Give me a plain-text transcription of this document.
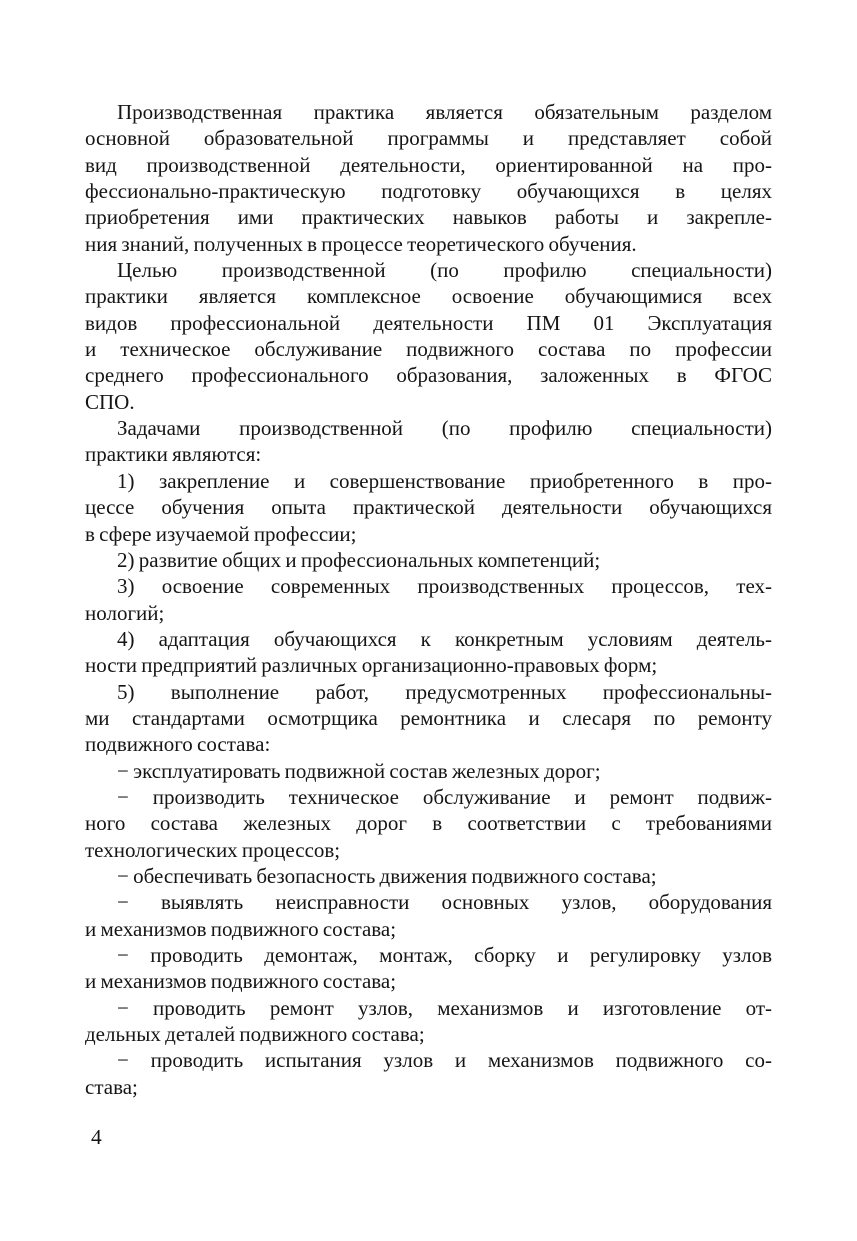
Производственная практика является обязательным разделом
основной образовательной программы и представляет собой
вид производственной деятельности, ориентированной на про-
фессионально-практическую подготовку обучающихся в целях
приобретения ими практических навыков работы и закрепле-
ния знаний, полученных в процессе теоретического обучения.
Целью производственной (по профилю специальности)
практики является комплексное освоение обучающимися всех
видов профессиональной деятельности ПМ 01 Эксплуатация
и техническое обслуживание подвижного состава по профессии
среднего профессионального образования, заложенных в ФГОС
СПО.
Задачами производственной (по профилю специальности)
практики являются:
1) закрепление и совершенствование приобретенного в про-
цессе обучения опыта практической деятельности обучающихся
в сфере изучаемой профессии;
2) развитие общих и профессиональных компетенций;
3) освоение современных производственных процессов, тех-
нологий;
4) адаптация обучающихся к конкретным условиям деятель-
ности предприятий различных организационно-правовых форм;
5) выполнение работ, предусмотренных профессиональны-
ми стандартами осмотрщика ремонтника и слесаря по ремонту
подвижного состава:
− эксплуатировать подвижной состав железных дорог;
− производить техническое обслуживание и ремонт подвиж-
ного состава железных дорог в соответствии с требованиями
технологических процессов;
− обеспечивать безопасность движения подвижного состава;
− выявлять неисправности основных узлов, оборудования
и механизмов подвижного состава;
− проводить демонтаж, монтаж, сборку и регулировку узлов
и механизмов подвижного состава;
− проводить ремонт узлов, механизмов и изготовление от-
дельных деталей подвижного состава;
− проводить испытания узлов и механизмов подвижного со-
става;
4
